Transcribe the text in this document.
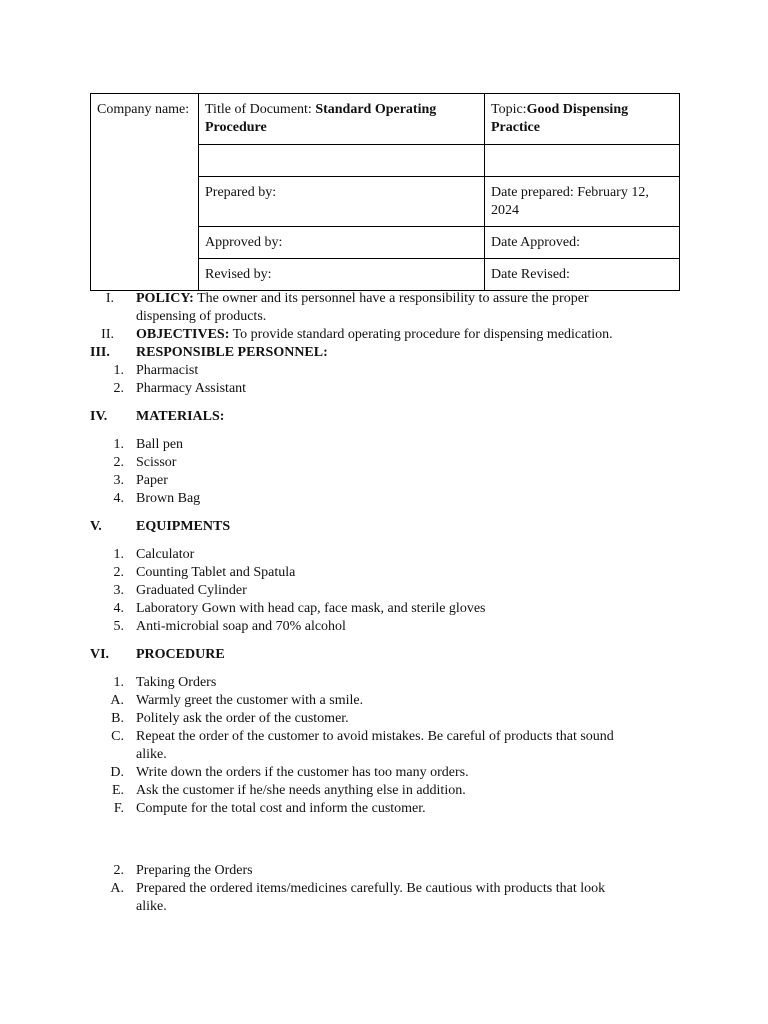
Company name:	Title of Document: Standard Operating Procedure	Topic:Good Dispensing Practice

	Prepared by:	Date prepared: February 12, 2024
	Approved by:	Date Approved:
	Revised by:	Date Revised:
I. POLICY: The owner and its personnel have a responsibility to assure the proper
dispensing of products.
II. OBJECTIVES: To provide standard operating procedure for dispensing medication.
III. RESPONSIBLE PERSONNEL:
1. Pharmacist
2. Pharmacy Assistant
IV. MATERIALS:
1. Ball pen
2. Scissor
3. Paper
4. Brown Bag
V. EQUIPMENTS
1. Calculator
2. Counting Tablet and Spatula
3. Graduated Cylinder
4. Laboratory Gown with head cap, face mask, and sterile gloves
5. Anti-microbial soap and 70% alcohol
VI. PROCEDURE
1. Taking Orders
A. Warmly greet the customer with a smile.
B. Politely ask the order of the customer.
C. Repeat the order of the customer to avoid mistakes. Be careful of products that sound
alike.
D. Write down the orders if the customer has too many orders.
E. Ask the customer if he/she needs anything else in addition.
F. Compute for the total cost and inform the customer.
2. Preparing the Orders
A. Prepared the ordered items/medicines carefully. Be cautious with products that look
alike.
